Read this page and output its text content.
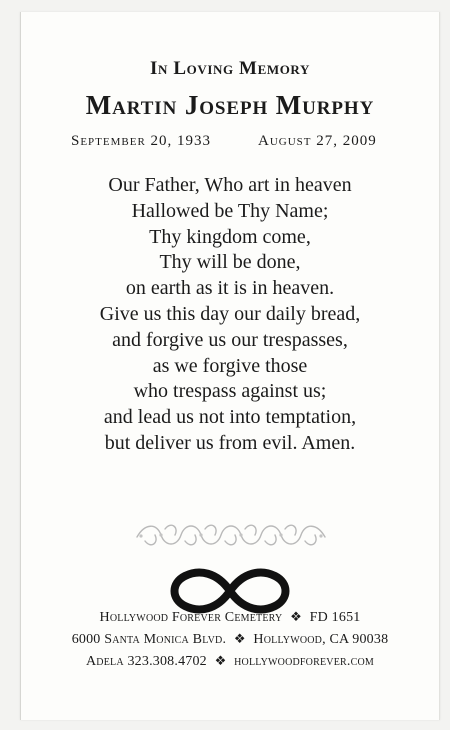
In Loving Memory
Martin Joseph Murphy
September 20, 1933	August 27, 2009
Our Father, Who art in heaven
Hallowed be Thy Name;
Thy kingdom come,
Thy will be done,
on earth as it is in heaven.
Give us this day our daily bread,
and forgive us our trespasses,
as we forgive those
who trespass against us;
and lead us not into temptation,
but deliver us from evil. Amen.
Hollywood Forever Cemetery ❖ FD 1651
6000 Santa Monica Blvd. ❖ Hollywood, CA 90038
Adela 323.308.4702 ❖ hollywoodforever.com
